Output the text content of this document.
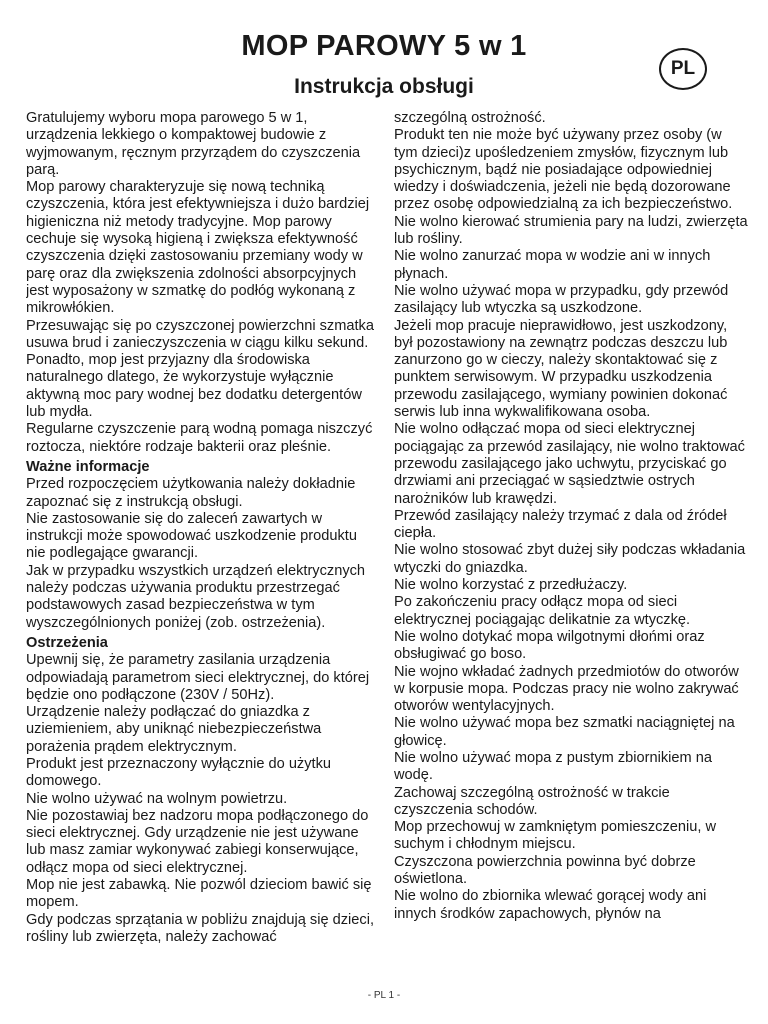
MOP PAROWY 5 w 1
Instrukcja obsługi
PL

Gratulujemy wyboru mopa parowego 5 w 1, urządzenia lekkiego o kompaktowej budowie z wyjmowanym, ręcznym przyrządem do czyszczenia parą.

Mop parowy charakteryzuje się nową techniką czyszczenia, która jest efektywniejsza i dużo bardziej higieniczna niż metody tradycyjne. Mop parowy cechuje się wysoką higieną i zwiększa efektywność czyszczenia dzięki zastosowaniu przemiany wody w parę oraz dla zwiększenia zdolności absorpcyjnych jest wyposażony w szmatkę do podłóg wykonaną z mikrowłókien.

Przesuwając się po czyszczonej powierzchni szmatka usuwa brud i zanieczyszczenia w ciągu kilku sekund. Ponadto, mop jest przyjazny dla środowiska naturalnego dlatego, że wykorzystuje wyłącznie aktywną moc pary wodnej bez dodatku detergentów lub mydła.

Regularne czyszczenie parą wodną pomaga niszczyć roztocza, niektóre rodzaje bakterii oraz pleśnie.

Ważne informacje

Przed rozpoczęciem użytkowania należy dokładnie zapoznać się z instrukcją obsługi.

Nie zastosowanie się do zaleceń zawartych w instrukcji może spowodować uszkodzenie produktu nie podlegające gwarancji.

Jak w przypadku wszystkich urządzeń elektrycznych należy podczas używania produktu przestrzegać podstawowych zasad bezpieczeństwa w tym wyszczególnionych poniżej (zob. ostrzeżenia).

Ostrzeżenia

Upewnij się, że parametry zasilania urządzenia odpowiadają parametrom sieci elektrycznej, do której będzie ono podłączone (230V / 50Hz).

Urządzenie należy podłączać do gniazdka z uziemieniem, aby uniknąć niebezpieczeństwa porażenia prądem elektrycznym.

Produkt jest przeznaczony wyłącznie do użytku domowego.

Nie wolno używać na wolnym powietrzu.

Nie pozostawiaj bez nadzoru mopa podłączonego do sieci elektrycznej. Gdy urządzenie nie jest używane lub masz zamiar wykonywać zabiegi konserwujące, odłącz mopa od sieci elektrycznej.

Mop nie jest zabawką. Nie pozwól dzieciom bawić się mopem.

Gdy podczas sprzątania w pobliżu znajdują się dzieci, rośliny lub zwierzęta, należy zachować

szczególną ostrożność.

Produkt ten nie może być używany przez osoby (w tym dzieci)z upośledzeniem zmysłów, fizycznym lub psychicznym, bądź nie posiadające odpowiedniej wiedzy i doświadczenia, jeżeli nie będą dozorowane przez osobę odpowiedzialną za ich bezpieczeństwo.

Nie wolno kierować strumienia pary na ludzi, zwierzęta lub rośliny.

Nie wolno zanurzać mopa w wodzie ani w innych płynach.

Nie wolno używać mopa w przypadku, gdy przewód zasilający lub wtyczka są uszkodzone.

Jeżeli mop pracuje nieprawidłowo, jest uszkodzony, był pozostawiony na zewnątrz podczas deszczu lub zanurzono go w cieczy, należy skontaktować się z punktem serwisowym. W przypadku uszkodzenia przewodu zasilającego, wymiany powinien dokonać serwis lub inna wykwalifikowana osoba.

Nie wolno odłączać mopa od sieci elektrycznej pociągając za przewód zasilający, nie wolno traktować przewodu zasilającego jako uchwytu, przyciskać go drzwiami ani przeciągać w sąsiedztwie ostrych narożników lub krawędzi.

Przewód zasilający należy trzymać z dala od źródeł ciepła.

Nie wolno stosować zbyt dużej siły podczas wkładania wtyczki do gniazdka.

Nie wolno korzystać z przedłużaczy.

Po zakończeniu pracy odłącz mopa od sieci elektrycznej pociągając delikatnie za wtyczkę.

Nie wolno dotykać mopa wilgotnymi dłońmi oraz obsługiwać go boso.

Nie wojno wkładać żadnych przedmiotów do otworów w korpusie mopa. Podczas pracy nie wolno zakrywać otworów wentylacyjnych.

Nie wolno używać mopa bez szmatki naciągniętej na głowicę.

Nie wolno używać mopa z pustym zbiornikiem na wodę.

Zachowaj szczególną ostrożność w trakcie czyszczenia schodów.

Mop przechowuj w zamkniętym pomieszczeniu, w suchym i chłodnym miejscu.

Czyszczona powierzchnia powinna być dobrze oświetlona.

Nie wolno do zbiornika wlewać gorącej wody ani innych środków zapachowych, płynów na

- PL 1 -
